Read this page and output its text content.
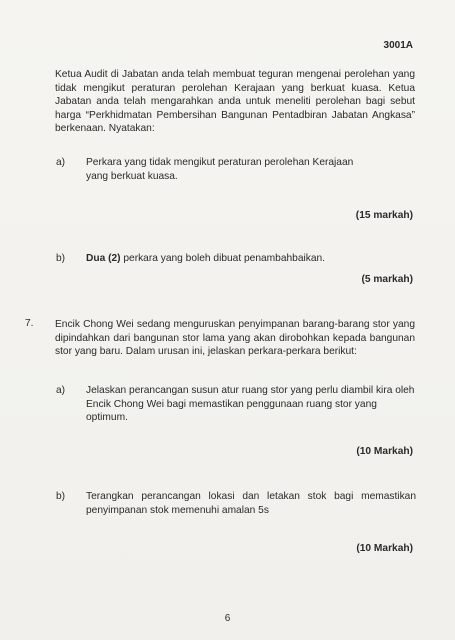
3001A
Ketua Audit di Jabatan anda telah membuat teguran mengenai perolehan yang tidak mengikut peraturan perolehan Kerajaan yang berkuat kuasa. Ketua Jabatan anda telah mengarahkan anda untuk meneliti perolehan bagi sebut harga “Perkhidmatan Pembersihan Bangunan Pentadbiran Jabatan Angkasa” berkenaan. Nyatakan:
a) Perkara yang tidak mengikut peraturan perolehan Kerajaan yang berkuat kuasa.
(15 markah)
b) Dua (2) perkara yang boleh dibuat penambahbaikan.
(5 markah)
7. Encik Chong Wei sedang menguruskan penyimpanan barang-barang stor yang dipindahkan dari bangunan stor lama yang akan dirobohkan kepada bangunan stor yang baru. Dalam urusan ini, jelaskan perkara-perkara berikut:
a) Jelaskan perancangan susun atur ruang stor yang perlu diambil kira oleh Encik Chong Wei bagi memastikan penggunaan ruang stor yang optimum.
(10 Markah)
b) Terangkan perancangan lokasi dan letakan stok bagi memastikan penyimpanan stok memenuhi amalan 5s
(10 Markah)
6
